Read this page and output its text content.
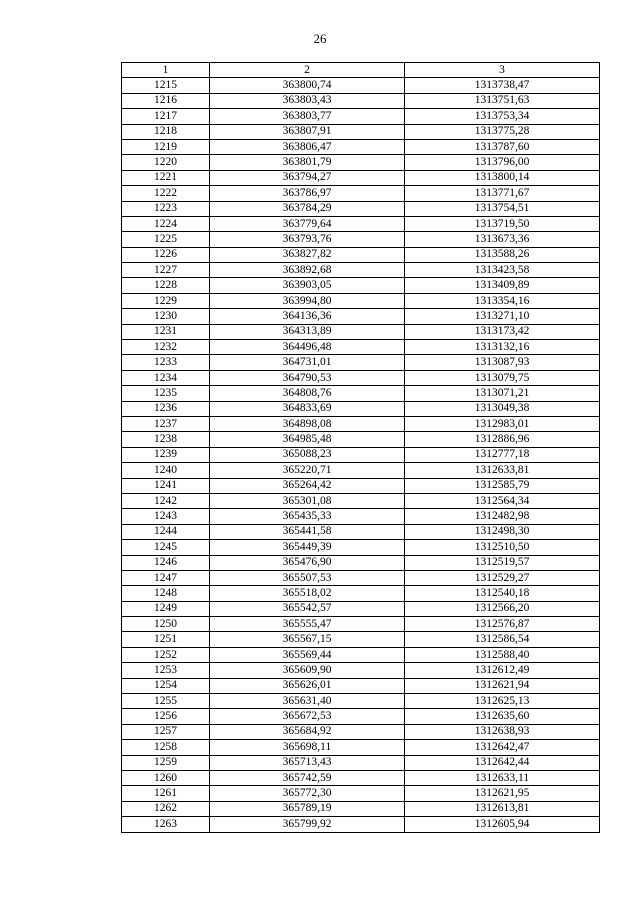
26
1	2	3
1215	363800,74	1313738,47
1216	363803,43	1313751,63
1217	363803,77	1313753,34
1218	363807,91	1313775,28
1219	363806,47	1313787,60
1220	363801,79	1313796,00
1221	363794,27	1313800,14
1222	363786,97	1313771,67
1223	363784,29	1313754,51
1224	363779,64	1313719,50
1225	363793,76	1313673,36
1226	363827,82	1313588,26
1227	363892,68	1313423,58
1228	363903,05	1313409,89
1229	363994,80	1313354,16
1230	364136,36	1313271,10
1231	364313,89	1313173,42
1232	364496,48	1313132,16
1233	364731,01	1313087,93
1234	364790,53	1313079,75
1235	364808,76	1313071,21
1236	364833,69	1313049,38
1237	364898,08	1312983,01
1238	364985,48	1312886,96
1239	365088,23	1312777,18
1240	365220,71	1312633,81
1241	365264,42	1312585,79
1242	365301,08	1312564,34
1243	365435,33	1312482,98
1244	365441,58	1312498,30
1245	365449,39	1312510,50
1246	365476,90	1312519,57
1247	365507,53	1312529,27
1248	365518,02	1312540,18
1249	365542,57	1312566,20
1250	365555,47	1312576,87
1251	365567,15	1312586,54
1252	365569,44	1312588,40
1253	365609,90	1312612,49
1254	365626,01	1312621,94
1255	365631,40	1312625,13
1256	365672,53	1312635,60
1257	365684,92	1312638,93
1258	365698,11	1312642,47
1259	365713,43	1312642,44
1260	365742,59	1312633,11
1261	365772,30	1312621,95
1262	365789,19	1312613,81
1263	365799,92	1312605,94
